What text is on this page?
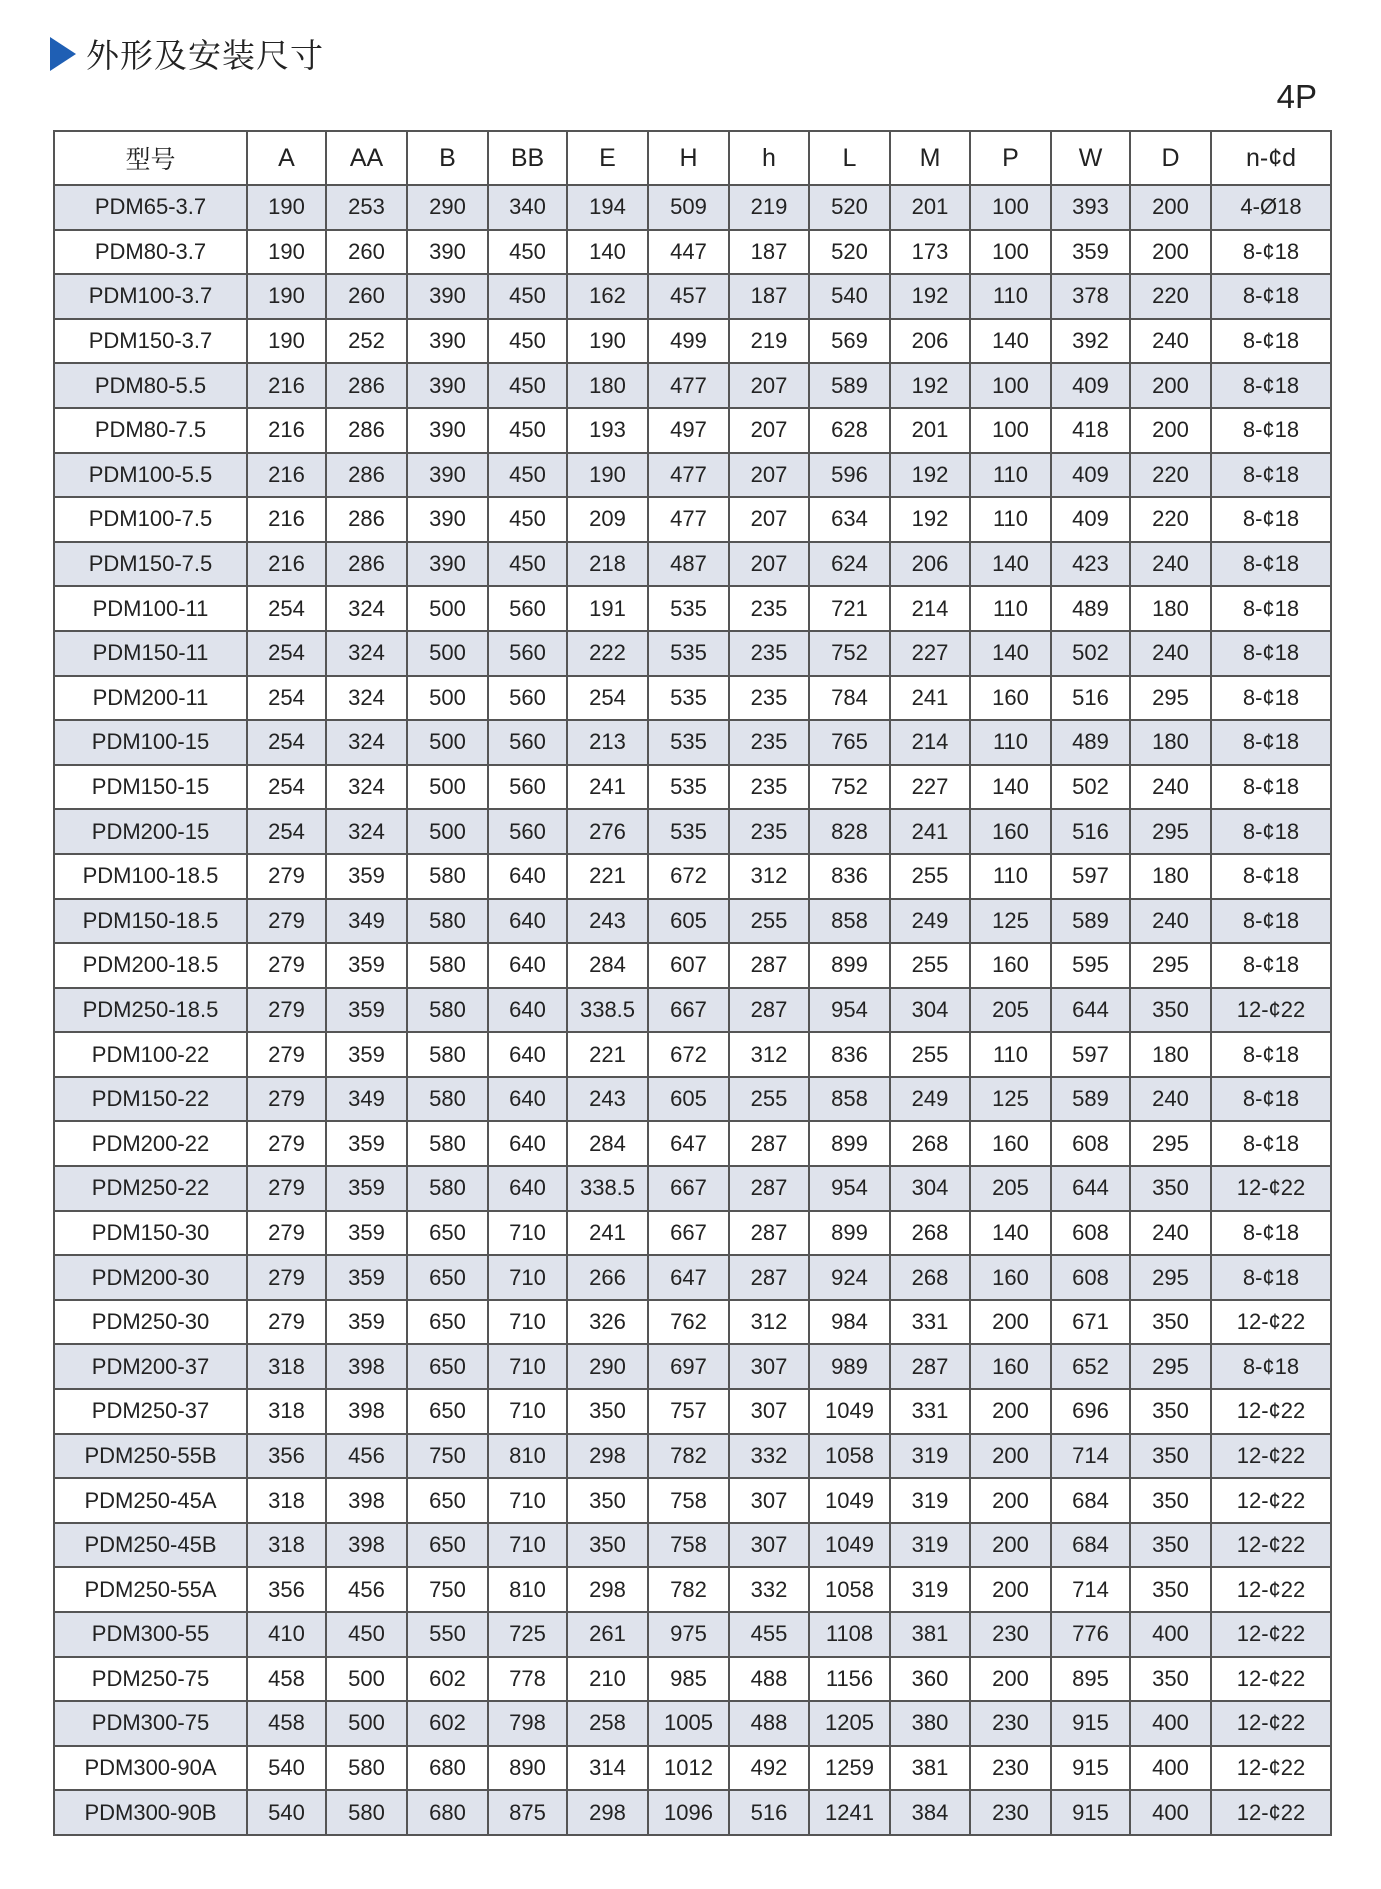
外形及安装尺寸
4P
型号	A	AA	B	BB	E	H	h	L	M	P	W	D	n-¢d
PDM65-3.7	190	253	290	340	194	509	219	520	201	100	393	200	4-Ø18
PDM80-3.7	190	260	390	450	140	447	187	520	173	100	359	200	8-¢18
PDM100-3.7	190	260	390	450	162	457	187	540	192	110	378	220	8-¢18
PDM150-3.7	190	252	390	450	190	499	219	569	206	140	392	240	8-¢18
PDM80-5.5	216	286	390	450	180	477	207	589	192	100	409	200	8-¢18
PDM80-7.5	216	286	390	450	193	497	207	628	201	100	418	200	8-¢18
PDM100-5.5	216	286	390	450	190	477	207	596	192	110	409	220	8-¢18
PDM100-7.5	216	286	390	450	209	477	207	634	192	110	409	220	8-¢18
PDM150-7.5	216	286	390	450	218	487	207	624	206	140	423	240	8-¢18
PDM100-11	254	324	500	560	191	535	235	721	214	110	489	180	8-¢18
PDM150-11	254	324	500	560	222	535	235	752	227	140	502	240	8-¢18
PDM200-11	254	324	500	560	254	535	235	784	241	160	516	295	8-¢18
PDM100-15	254	324	500	560	213	535	235	765	214	110	489	180	8-¢18
PDM150-15	254	324	500	560	241	535	235	752	227	140	502	240	8-¢18
PDM200-15	254	324	500	560	276	535	235	828	241	160	516	295	8-¢18
PDM100-18.5	279	359	580	640	221	672	312	836	255	110	597	180	8-¢18
PDM150-18.5	279	349	580	640	243	605	255	858	249	125	589	240	8-¢18
PDM200-18.5	279	359	580	640	284	607	287	899	255	160	595	295	8-¢18
PDM250-18.5	279	359	580	640	338.5	667	287	954	304	205	644	350	12-¢22
PDM100-22	279	359	580	640	221	672	312	836	255	110	597	180	8-¢18
PDM150-22	279	349	580	640	243	605	255	858	249	125	589	240	8-¢18
PDM200-22	279	359	580	640	284	647	287	899	268	160	608	295	8-¢18
PDM250-22	279	359	580	640	338.5	667	287	954	304	205	644	350	12-¢22
PDM150-30	279	359	650	710	241	667	287	899	268	140	608	240	8-¢18
PDM200-30	279	359	650	710	266	647	287	924	268	160	608	295	8-¢18
PDM250-30	279	359	650	710	326	762	312	984	331	200	671	350	12-¢22
PDM200-37	318	398	650	710	290	697	307	989	287	160	652	295	8-¢18
PDM250-37	318	398	650	710	350	757	307	1049	331	200	696	350	12-¢22
PDM250-55B	356	456	750	810	298	782	332	1058	319	200	714	350	12-¢22
PDM250-45A	318	398	650	710	350	758	307	1049	319	200	684	350	12-¢22
PDM250-45B	318	398	650	710	350	758	307	1049	319	200	684	350	12-¢22
PDM250-55A	356	456	750	810	298	782	332	1058	319	200	714	350	12-¢22
PDM300-55	410	450	550	725	261	975	455	1108	381	230	776	400	12-¢22
PDM250-75	458	500	602	778	210	985	488	1156	360	200	895	350	12-¢22
PDM300-75	458	500	602	798	258	1005	488	1205	380	230	915	400	12-¢22
PDM300-90A	540	580	680	890	314	1012	492	1259	381	230	915	400	12-¢22
PDM300-90B	540	580	680	875	298	1096	516	1241	384	230	915	400	12-¢22
